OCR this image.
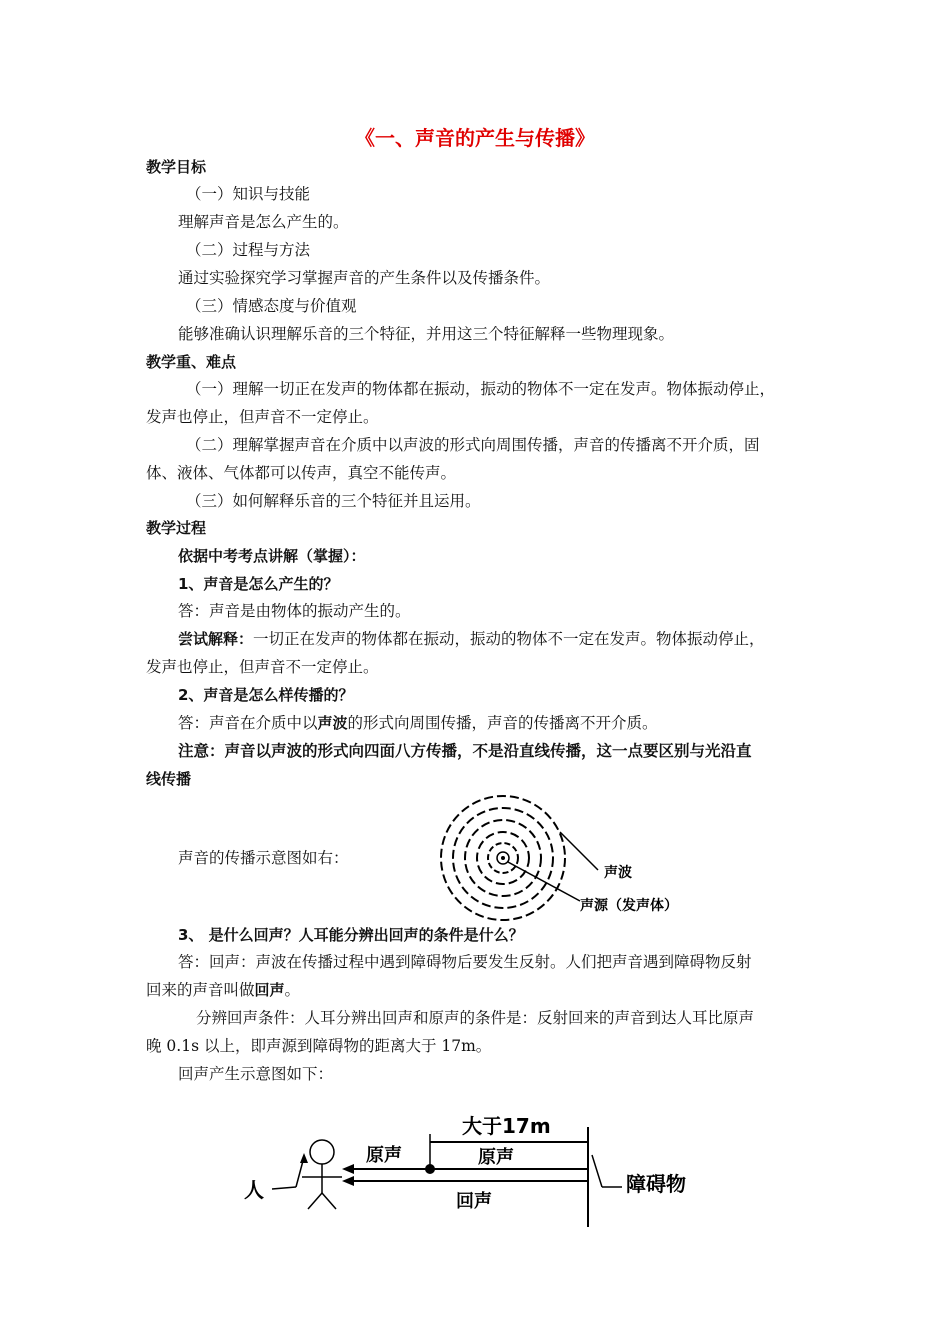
《一、声音的产生与传播》
教学目标
（一）知识与技能
理解声音是怎么产生的。
（二）过程与方法
通过实验探究学习掌握声音的产生条件以及传播条件。
（三）情感态度与价值观
能够准确认识理解乐音的三个特征，并用这三个特征解释一些物理现象。
教学重、难点
（一）理解一切正在发声的物体都在振动，振动的物体不一定在发声。物体振动停止，
发声也停止，但声音不一定停止。
（二）理解掌握声音在介质中以声波的形式向周围传播，声音的传播离不开介质，固
体、液体、气体都可以传声，真空不能传声。
（三）如何解释乐音的三个特征并且运用。
教学过程
依据中考考点讲解（掌握）：
1、声音是怎么产生的？
答：声音是由物体的振动产生的。
尝试解释：一切正在发声的物体都在振动，振动的物体不一定在发声。物体振动停止，
发声也停止，但声音不一定停止。
2、声音是怎么样传播的？
答：声音在介质中以声波的形式向周围传播，声音的传播离不开介质。
注意：声音以声波的形式向四面八方传播，不是沿直线传播，这一点要区别与光沿直
线传播
声音的传播示意图如右：
声波
声源（发声体）
3、 是什么回声？人耳能分辨出回声的条件是什么？
答：回声：声波在传播过程中遇到障碍物后要发生反射。人们把声音遇到障碍物反射
回来的声音叫做回声。
分辨回声条件：人耳分辨出回声和原声的条件是：反射回来的声音到达人耳比原声
晚 0.1s 以上，即声源到障碍物的距离大于 17m。
回声产生示意图如下：
大于17m
人
原声	原声
回声
障碍物
